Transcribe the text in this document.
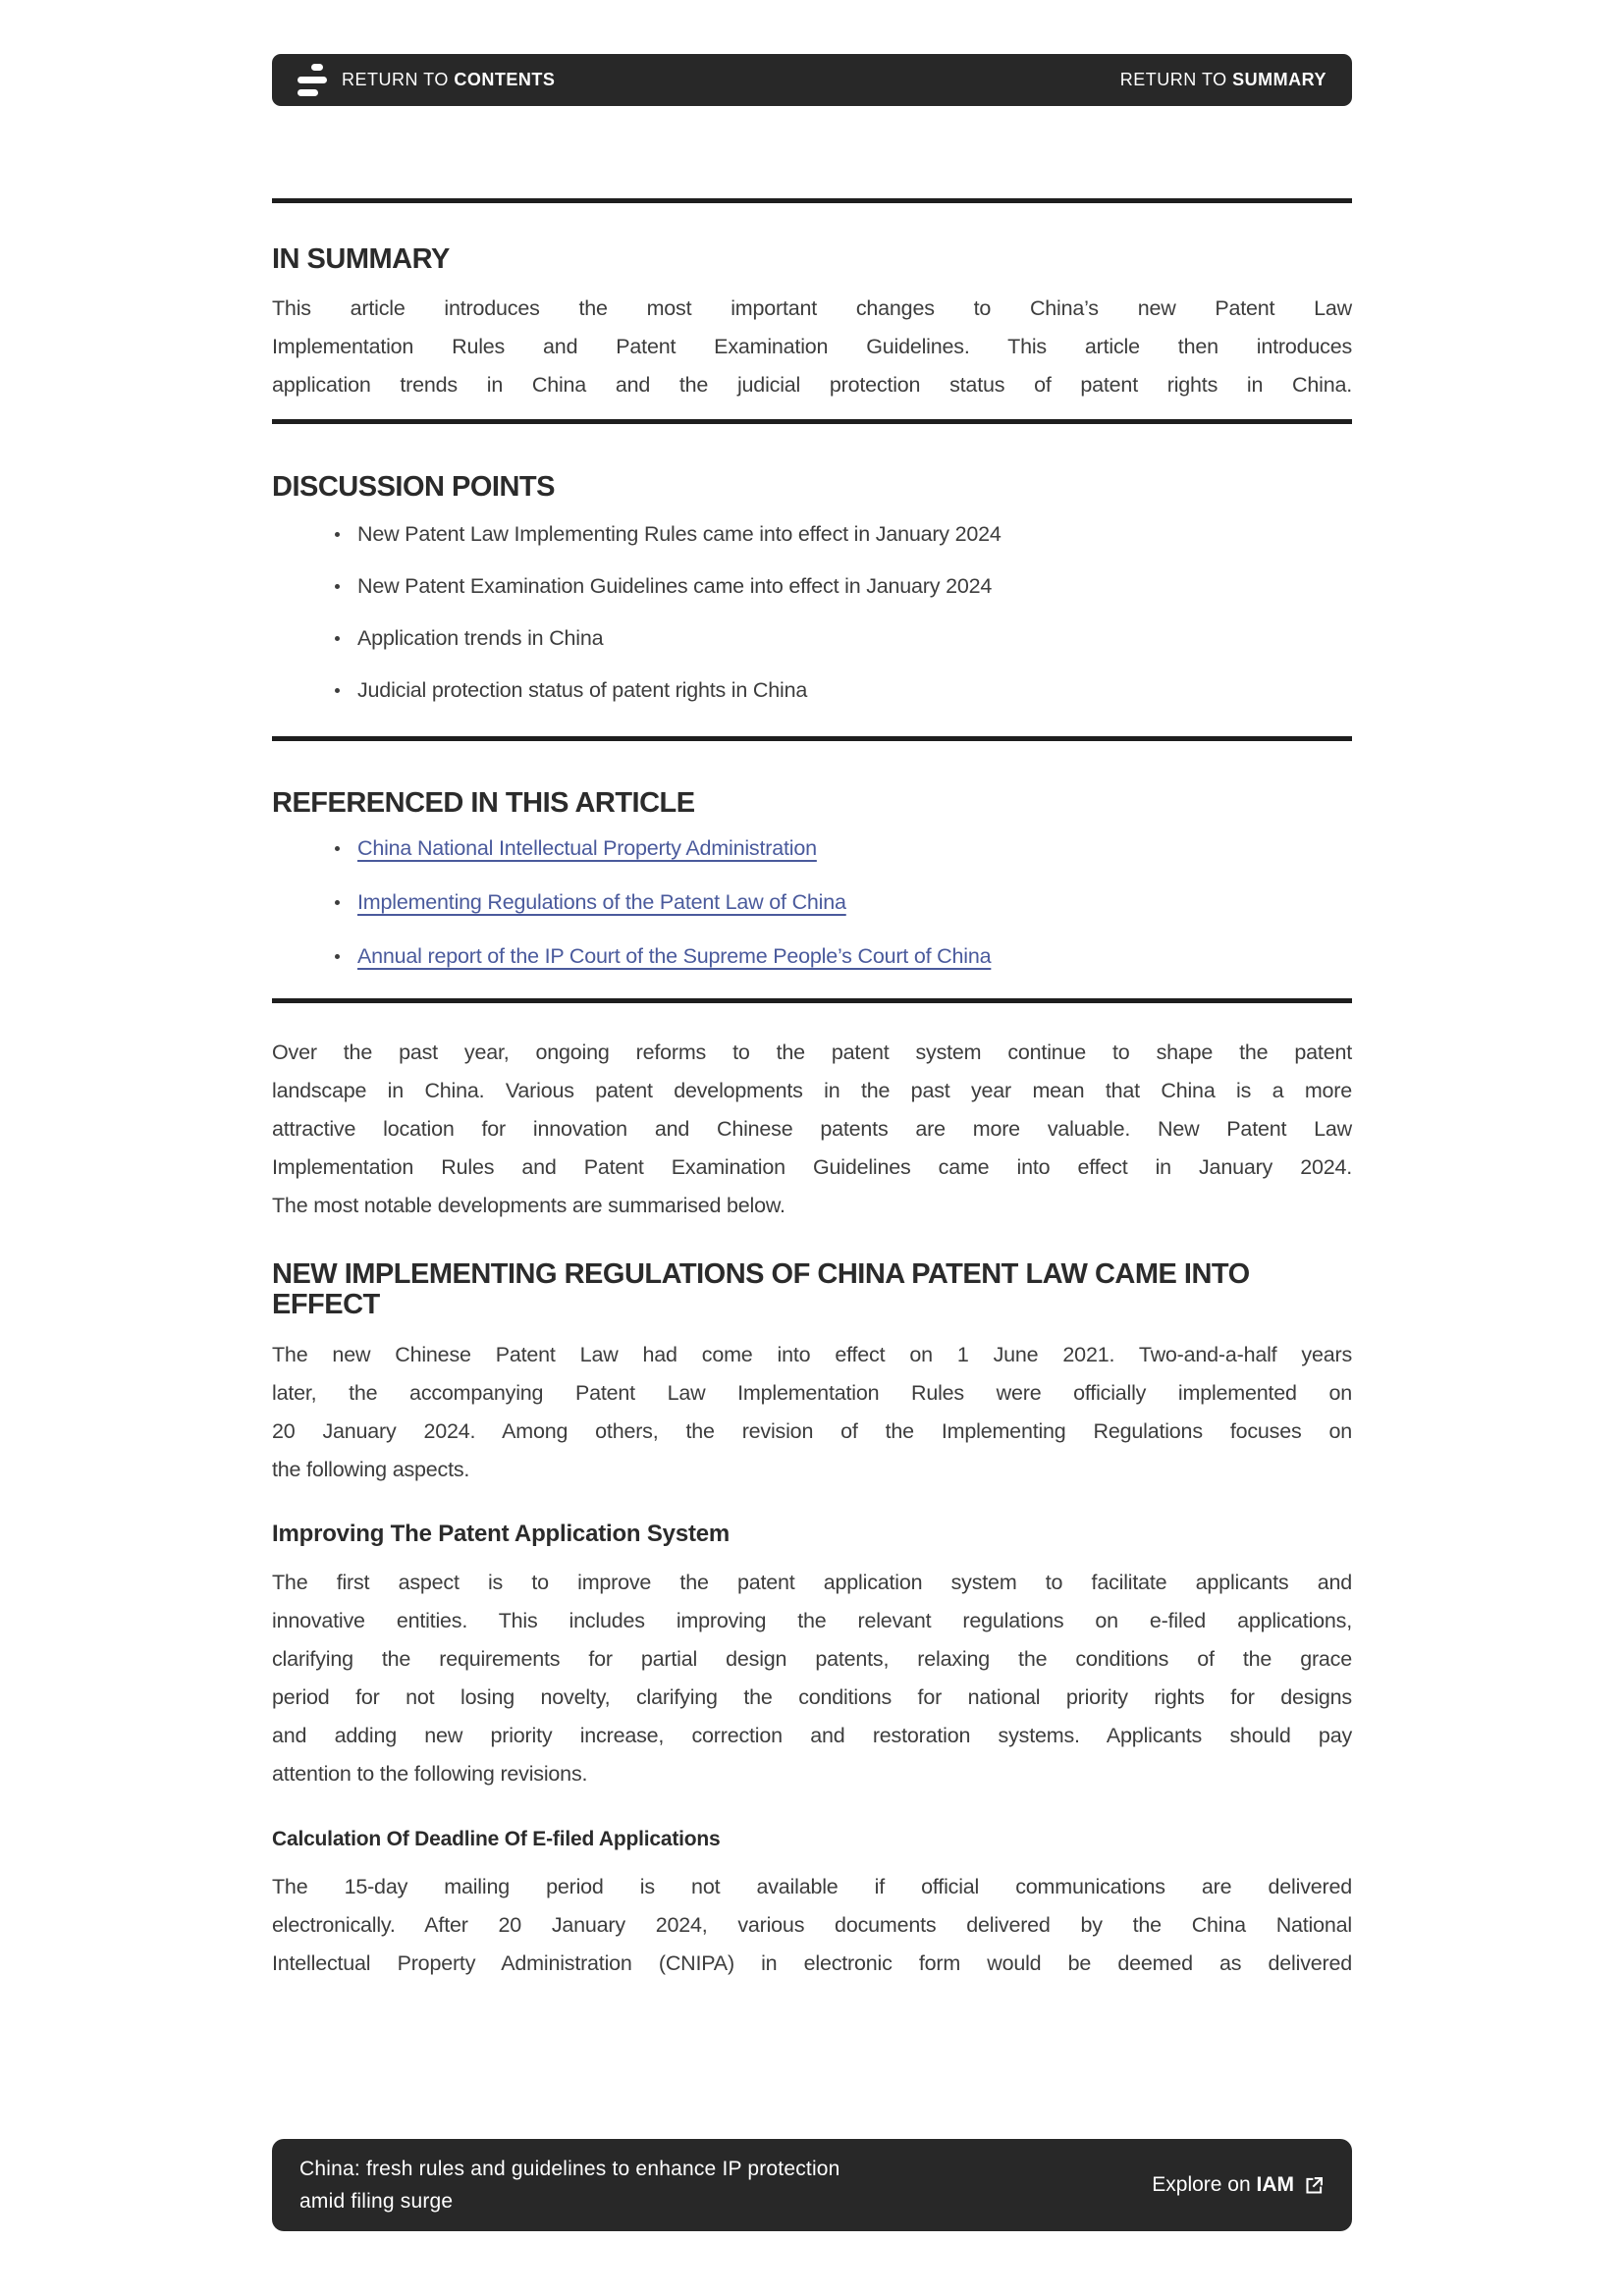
RETURN TO CONTENTS	RETURN TO SUMMARY
IN SUMMARY
This article introduces the most important changes to China’s new Patent Law
Implementation Rules and Patent Examination Guidelines. This article then introduces
application trends in China and the judicial protection status of patent rights in China.
DISCUSSION POINTS
New Patent Law Implementing Rules came into effect in January 2024
New Patent Examination Guidelines came into effect in January 2024
Application trends in China
Judicial protection status of patent rights in China
REFERENCED IN THIS ARTICLE
China National Intellectual Property Administration
Implementing Regulations of the Patent Law of China
Annual report of the IP Court of the Supreme People’s Court of China
Over the past year, ongoing reforms to the patent system continue to shape the patent
landscape in China. Various patent developments in the past year mean that China is a more
attractive location for innovation and Chinese patents are more valuable. New Patent Law
Implementation Rules and Patent Examination Guidelines came into effect in January 2024.
The most notable developments are summarised below.
NEW IMPLEMENTING REGULATIONS OF CHINA PATENT LAW CAME INTO EFFECT
The new Chinese Patent Law had come into effect on 1 June 2021. Two-and-a-half years
later, the accompanying Patent Law Implementation Rules were officially implemented on
20 January 2024. Among others, the revision of the Implementing Regulations focuses on
the following aspects.
Improving The Patent Application System
The first aspect is to improve the patent application system to facilitate applicants and
innovative entities. This includes improving the relevant regulations on e-filed applications,
clarifying the requirements for partial design patents, relaxing the conditions of the grace
period for not losing novelty, clarifying the conditions for national priority rights for designs
and adding new priority increase, correction and restoration systems. Applicants should pay
attention to the following revisions.
Calculation Of Deadline Of E-filed Applications
The 15-day mailing period is not available if official communications are delivered
electronically. After 20 January 2024, various documents delivered by the China National
Intellectual Property Administration (CNIPA) in electronic form would be deemed as delivered
China: fresh rules and guidelines to enhance IP protection
amid filing surge
Explore on IAM
